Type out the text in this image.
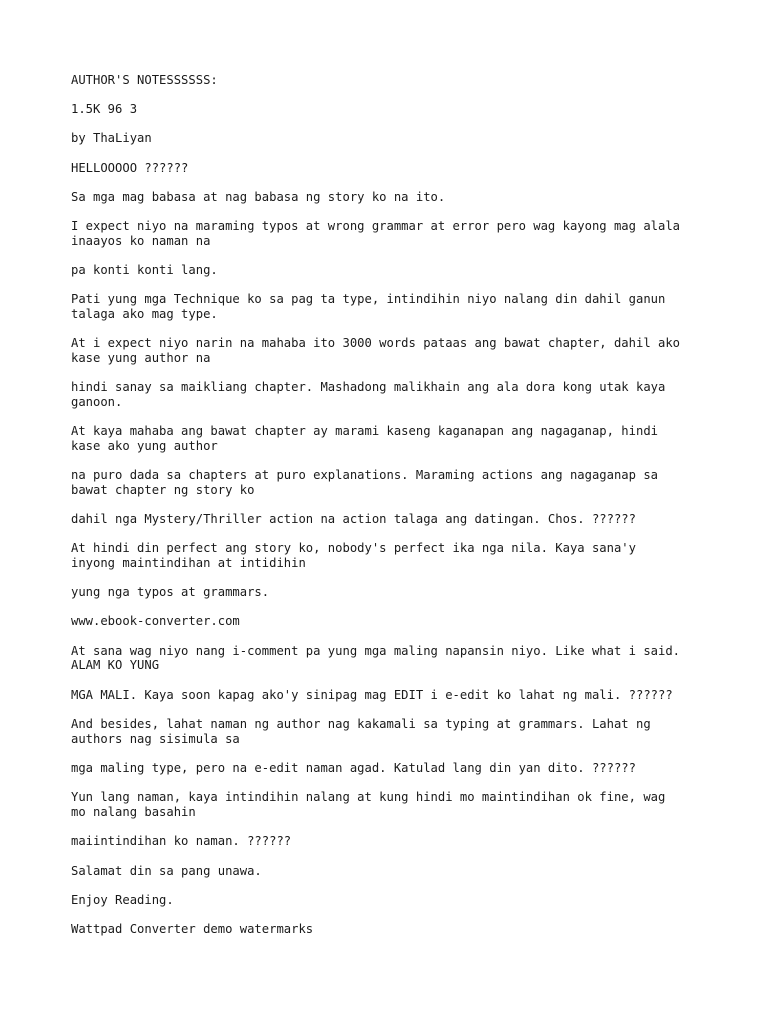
AUTHOR'S NOTESSSSSS:
1.5K 96 3
by ThaLiyan
HELLOOOOO ??????
Sa mga mag babasa at nag babasa ng story ko na ito.
I expect niyo na maraming typos at wrong grammar at error pero wag kayong mag alala
inaayos ko naman na
pa konti konti lang.
Pati yung mga Technique ko sa pag ta type, intindihin niyo nalang din dahil ganun
talaga ako mag type.
At i expect niyo narin na mahaba ito 3000 words pataas ang bawat chapter, dahil ako
kase yung author na
hindi sanay sa maikliang chapter. Mashadong malikhain ang ala dora kong utak kaya
ganoon.
At kaya mahaba ang bawat chapter ay marami kaseng kaganapan ang nagaganap, hindi
kase ako yung author
na puro dada sa chapters at puro explanations. Maraming actions ang nagaganap sa
bawat chapter ng story ko
dahil nga Mystery/Thriller action na action talaga ang datingan. Chos. ??????
At hindi din perfect ang story ko, nobody's perfect ika nga nila. Kaya sana'y
inyong maintindihan at intidihin
yung nga typos at grammars.
www.ebook-converter.com
At sana wag niyo nang i-comment pa yung mga maling napansin niyo. Like what i said.
ALAM KO YUNG
MGA MALI. Kaya soon kapag ako'y sinipag mag EDIT i e-edit ko lahat ng mali. ??????
And besides, lahat naman ng author nag kakamali sa typing at grammars. Lahat ng
authors nag sisimula sa
mga maling type, pero na e-edit naman agad. Katulad lang din yan dito. ??????
Yun lang naman, kaya intindihin nalang at kung hindi mo maintindihan ok fine, wag
mo nalang basahin
maiintindihan ko naman. ??????
Salamat din sa pang unawa.
Enjoy Reading.
Wattpad Converter demo watermarks
